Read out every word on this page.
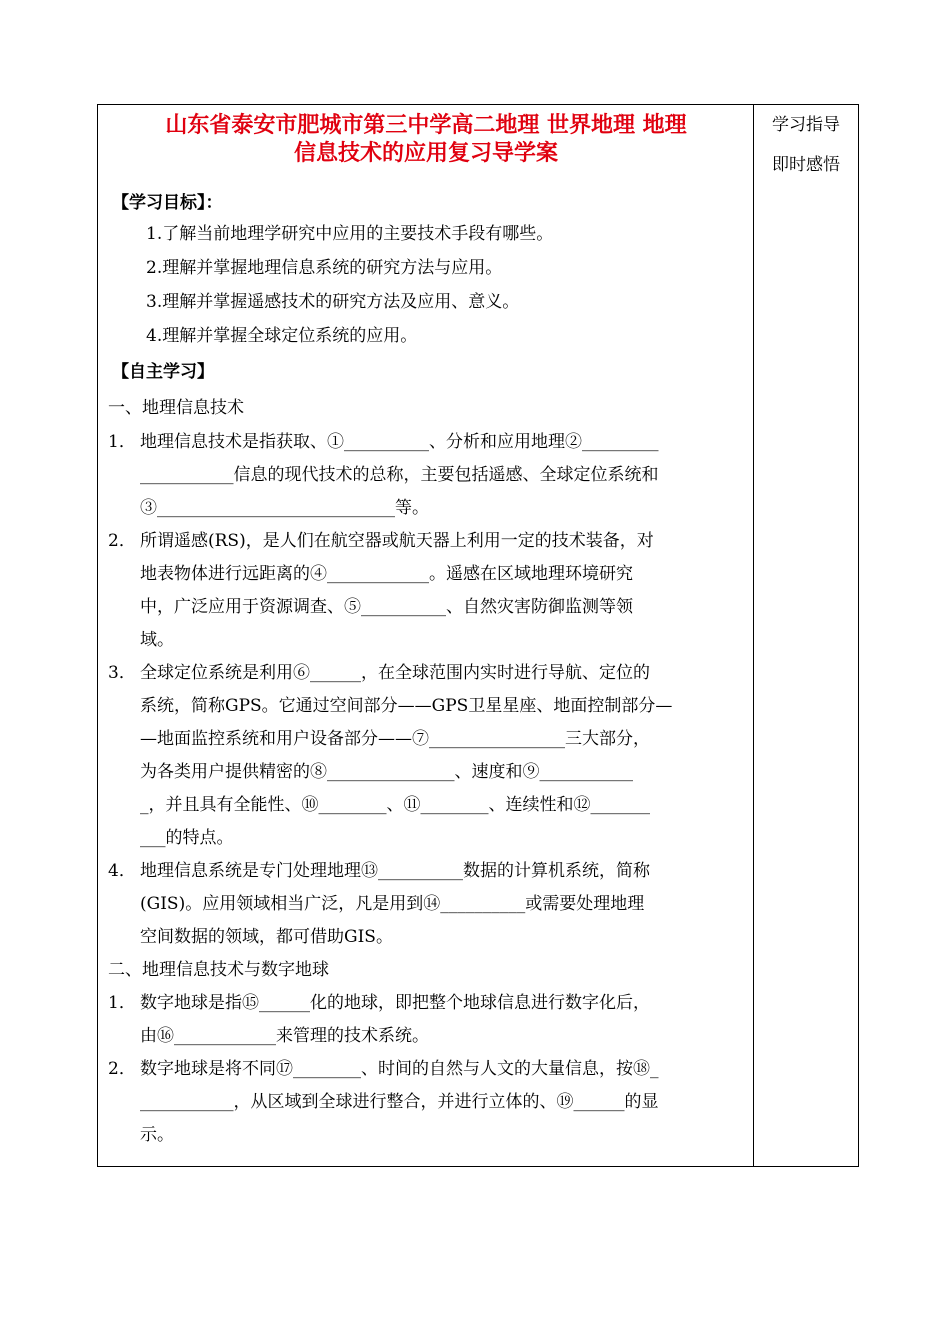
山东省泰安市肥城市第三中学高二地理 世界地理 地理
信息技术的应用复习导学案
【学习目标】：
1.了解当前地理学研究中应用的主要技术手段有哪些。
2.理解并掌握地理信息系统的研究方法与应用。
3.理解并掌握遥感技术的研究方法及应用、意义。
4.理解并掌握全球定位系统的应用。
【自主学习】
一、地理信息技术
1． 地理信息技术是指获取、①__________、分析和应用地理②_________
___________信息的现代技术的总称，主要包括遥感、全球定位系统和
③____________________________等。
2． 所谓遥感(RS)，是人们在航空器或航天器上利用一定的技术装备，对
地表物体进行远距离的④____________。遥感在区域地理环境研究
中，广泛应用于资源调查、⑤__________、自然灾害防御监测等领
域。
3． 全球定位系统是利用⑥______，在全球范围内实时进行导航、定位的
系统，简称GPS。它通过空间部分——GPS卫星星座、地面控制部分—
—地面监控系统和用户设备部分——⑦________________三大部分，
为各类用户提供精密的⑧_______________、速度和⑨___________
_，并且具有全能性、⑩________、⑪________、连续性和⑫_______
___的特点。
4． 地理信息系统是专门处理地理⑬__________数据的计算机系统，简称
(GIS)。应用领域相当广泛，凡是用到⑭__________或需要处理地理
空间数据的领域，都可借助GIS。
二、地理信息技术与数字地球
1． 数字地球是指⑮______化的地球，即把整个地球信息进行数字化后，
由⑯____________来管理的技术系统。
2． 数字地球是将不同⑰________、时间的自然与人文的大量信息，按⑱_
___________，从区域到全球进行整合，并进行立体的、⑲______的显
示。
学习指导
即时感悟
